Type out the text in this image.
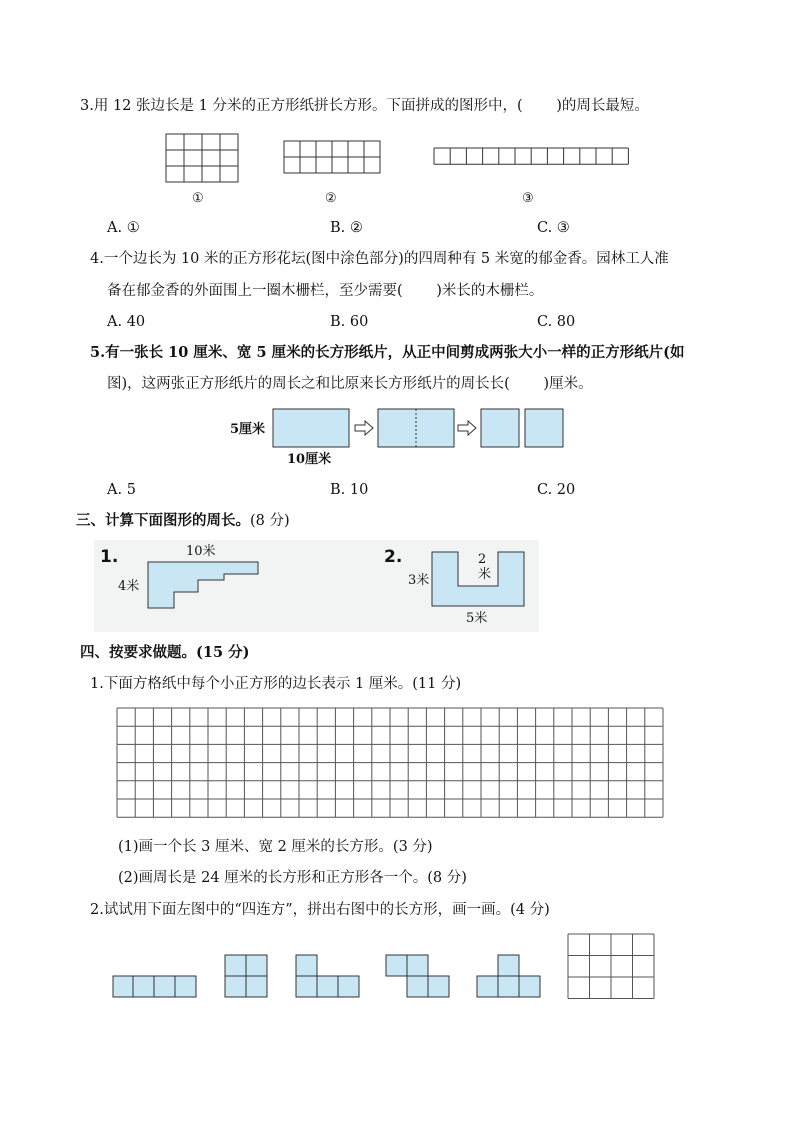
3.用 12 张边长是 1 分米的正方形纸拼长方形。下面拼成的图形中，(　　 )的周长最短。
①	②	③
A. ①	B. ②	C. ③
4.一个边长为 10 米的正方形花坛(图中涂色部分)的四周种有 5 米宽的郁金香。园林工人准
备在郁金香的外面围上一圈木栅栏，至少需要(　　 )米长的木栅栏。
A. 40	B. 60	C. 80
5.有一张长 10 厘米、宽 5 厘米的长方形纸片，从正中间剪成两张大小一样的正方形纸片(如
图)，这两张正方形纸片的周长之和比原来长方形纸片的周长长(　　 )厘米。
5厘米
10厘米
A. 5	B. 10	C. 20
三、计算下面图形的周长。(8 分)
1.	10米
4米
2.
3米
2 米
5米
四、按要求做题。(15 分)
1.下面方格纸中每个小正方形的边长表示 1 厘米。(11 分)
(1)画一个长 3 厘米、宽 2 厘米的长方形。(3 分)
(2)画周长是 24 厘米的长方形和正方形各一个。(8 分)
2.试试用下面左图中的“四连方”，拼出右图中的长方形，画一画。(4 分)
